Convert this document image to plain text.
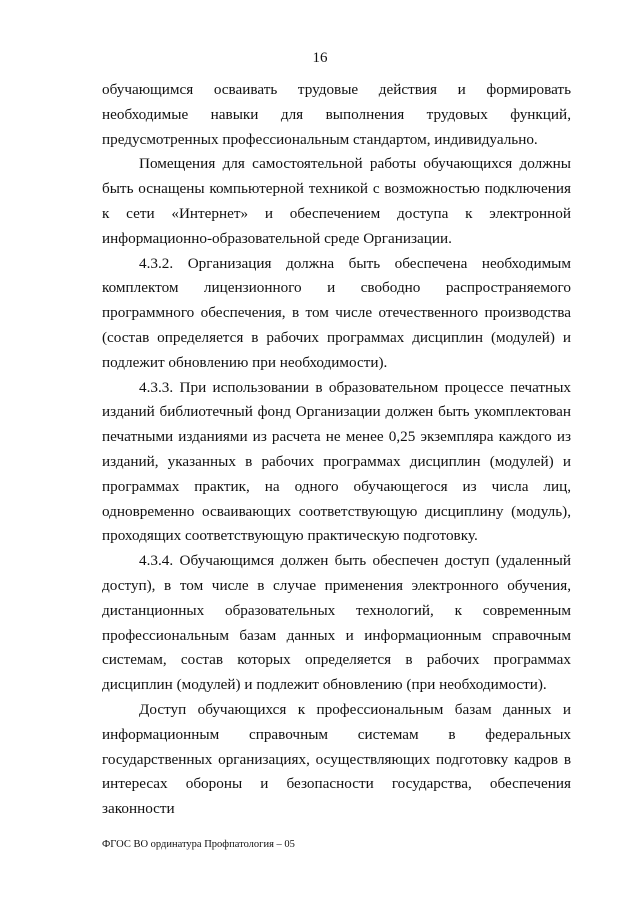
16

обучающимся осваивать трудовые действия и формировать необходимые навыки для выполнения трудовых функций, предусмотренных профессиональным стандартом, индивидуально.

Помещения для самостоятельной работы обучающихся должны быть оснащены компьютерной техникой с возможностью подключения к сети «Интернет» и обеспечением доступа к электронной информационно-образовательной среде Организации.

4.3.2. Организация должна быть обеспечена необходимым комплектом лицензионного и свободно распространяемого программного обеспечения, в том числе отечественного производства (состав определяется в рабочих программах дисциплин (модулей) и подлежит обновлению при необходимости).

4.3.3. При использовании в образовательном процессе печатных изданий библиотечный фонд Организации должен быть укомплектован печатными изданиями из расчета не менее 0,25 экземпляра каждого из изданий, указанных в рабочих программах дисциплин (модулей) и программах практик, на одного обучающегося из числа лиц, одновременно осваивающих соответствующую дисциплину (модуль), проходящих соответствующую практическую подготовку.

4.3.4. Обучающимся должен быть обеспечен доступ (удаленный доступ), в том числе в случае применения электронного обучения, дистанционных образовательных технологий, к современным профессиональным базам данных и информационным справочным системам, состав которых определяется в рабочих программах дисциплин (модулей) и подлежит обновлению (при необходимости).

Доступ обучающихся к профессиональным базам данных и информационным справочным системам в федеральных государственных организациях, осуществляющих подготовку кадров в интересах обороны и безопасности государства, обеспечения законности

ФГОС ВО ординатура Профпатология – 05
